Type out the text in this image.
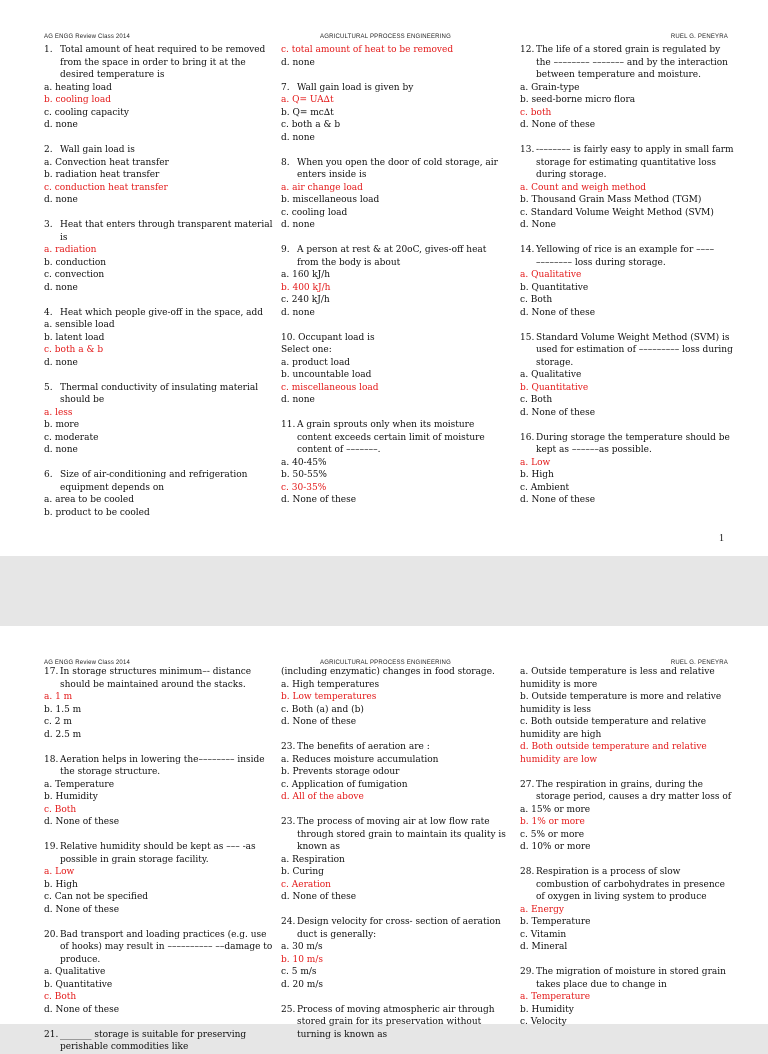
AG ENGG Review Class 2014	AGRICULTURAL PPROCESS ENGINEERING	RUEL G. PENEYRA

1. Total amount of heat required to be removed from the space in order to bring it at the desired temperature is

a. heating load

b. cooling load

c. cooling capacity

d. none

2. Wall gain load is

a. Convection heat transfer

b. radiation heat transfer

c. conduction heat transfer

d. none

3. Heat that enters through transparent material is

a. radiation

b. conduction

c. convection

d. none

4. Heat which people give-off in the space, add

a. sensible load

b. latent load

c. both a & b

d. none

5. Thermal conductivity of insulating material should be

a. less

b. more

c. moderate

d. none

6. Size of air-conditioning and refrigeration equipment depends on

a. area to be cooled

b. product to be cooled

c. total amount of heat to be removed

d. none

7. Wall gain load is given by

a. Q= UA∆t

b. Q= mc∆t

c. both a & b

d. none

8. When you open the door of cold storage, air enters inside is

a. air change load

b. miscellaneous load

c. cooling load

d. none

9. A person at rest & at 20oC, gives-off heat from the body is about

a. 160 kJ/h

b. 400 kJ/h

c. 240 kJ/h

d. none

10. Occupant load is

Select one:

a. product load

b. uncountable load

c. miscellaneous load

d. none

11. A grain sprouts only when its moisture content exceeds certain limit of moisture content of –––––––.

a. 40-45%

b. 50-55%

c. 30-35%

d. None of these

12. The life of a stored grain is regulated by the –––––––– ––––––– and by the interaction between temperature and moisture.

a. Grain-type

b. seed-borne micro flora

c. both

d. None of these

13. -––––––– is fairly easy to apply in small farm storage for estimating quantitative loss during storage.

a. Count and weigh method

b. Thousand Grain Mass Method (TGM)

c. Standard Volume Weight Method (SVM)

d. None

14. Yellowing of rice is an example for –––– –––––––– loss during storage.

a. Qualitative

b. Quantitative

c. Both

d. None of these

15. Standard Volume Weight Method (SVM) is used for estimation of ––––––––– loss during storage.

a. Qualitative

b. Quantitative

c. Both

d. None of these

16. During storage the temperature should be kept as ––––––as possible.

a. Low

b. High

c. Ambient

d. None of these

1
AG ENGG Review Class 2014	AGRICULTURAL PPROCESS ENGINEERING	RUEL G. PENEYRA

17. In storage structures minimum–- distance should be maintained around the stacks.

a. 1 m

b. 1.5 m

c. 2 m

d. 2.5 m

18. Aeration helps in lowering the–––––––– inside the storage structure.

a. Temperature

b. Humidity

c. Both

d. None of these

19. Relative humidity should be kept as ––– -as possible in grain storage facility.

a. Low

b. High

c. Can not be specified

d. None of these

20. Bad transport and loading practices (e.g. use of hooks) may result in –––––––––– ––damage to produce.

a. Qualitative

b. Quantitative

c. Both

d. None of these

21. _______ storage is suitable for preserving perishable commodities like

(including enzymatic) changes in food storage.

a. High temperatures

b. Low temperatures

c. Both (a) and (b)

d. None of these

23. The benefits of aeration are :

a. Reduces moisture accumulation

b. Prevents storage odour

c. Application of fumigation

d. All of the above

23. The process of moving air at low flow rate through stored grain to maintain its quality is known as

a. Respiration

b. Curing

c. Aeration

d. None of these

24. Design velocity for cross- section of aeration duct is generally:

a. 30 m/s

b. 10 m/s

c. 5 m/s

d. 20 m/s

25. Process of moving atmospheric air through stored grain for its preservation without turning is known as

a. Outside temperature is less and relative humidity is more

b. Outside temperature is more and relative humidity is less

c. Both outside temperature and relative humidity are high

d. Both outside temperature and relative humidity are low

27. The respiration in grains, during the storage period, causes a dry matter loss of

a. 15% or more

b. 1% or more

c. 5% or more

d. 10% or more

28. Respiration is a process of slow combustion of carbohydrates in presence of oxygen in living system to produce

a. Energy

b. Temperature

c. Vitamin

d. Mineral

29. The migration of moisture in stored grain takes place due to change in

a. Temperature

b. Humidity

c. Velocity
